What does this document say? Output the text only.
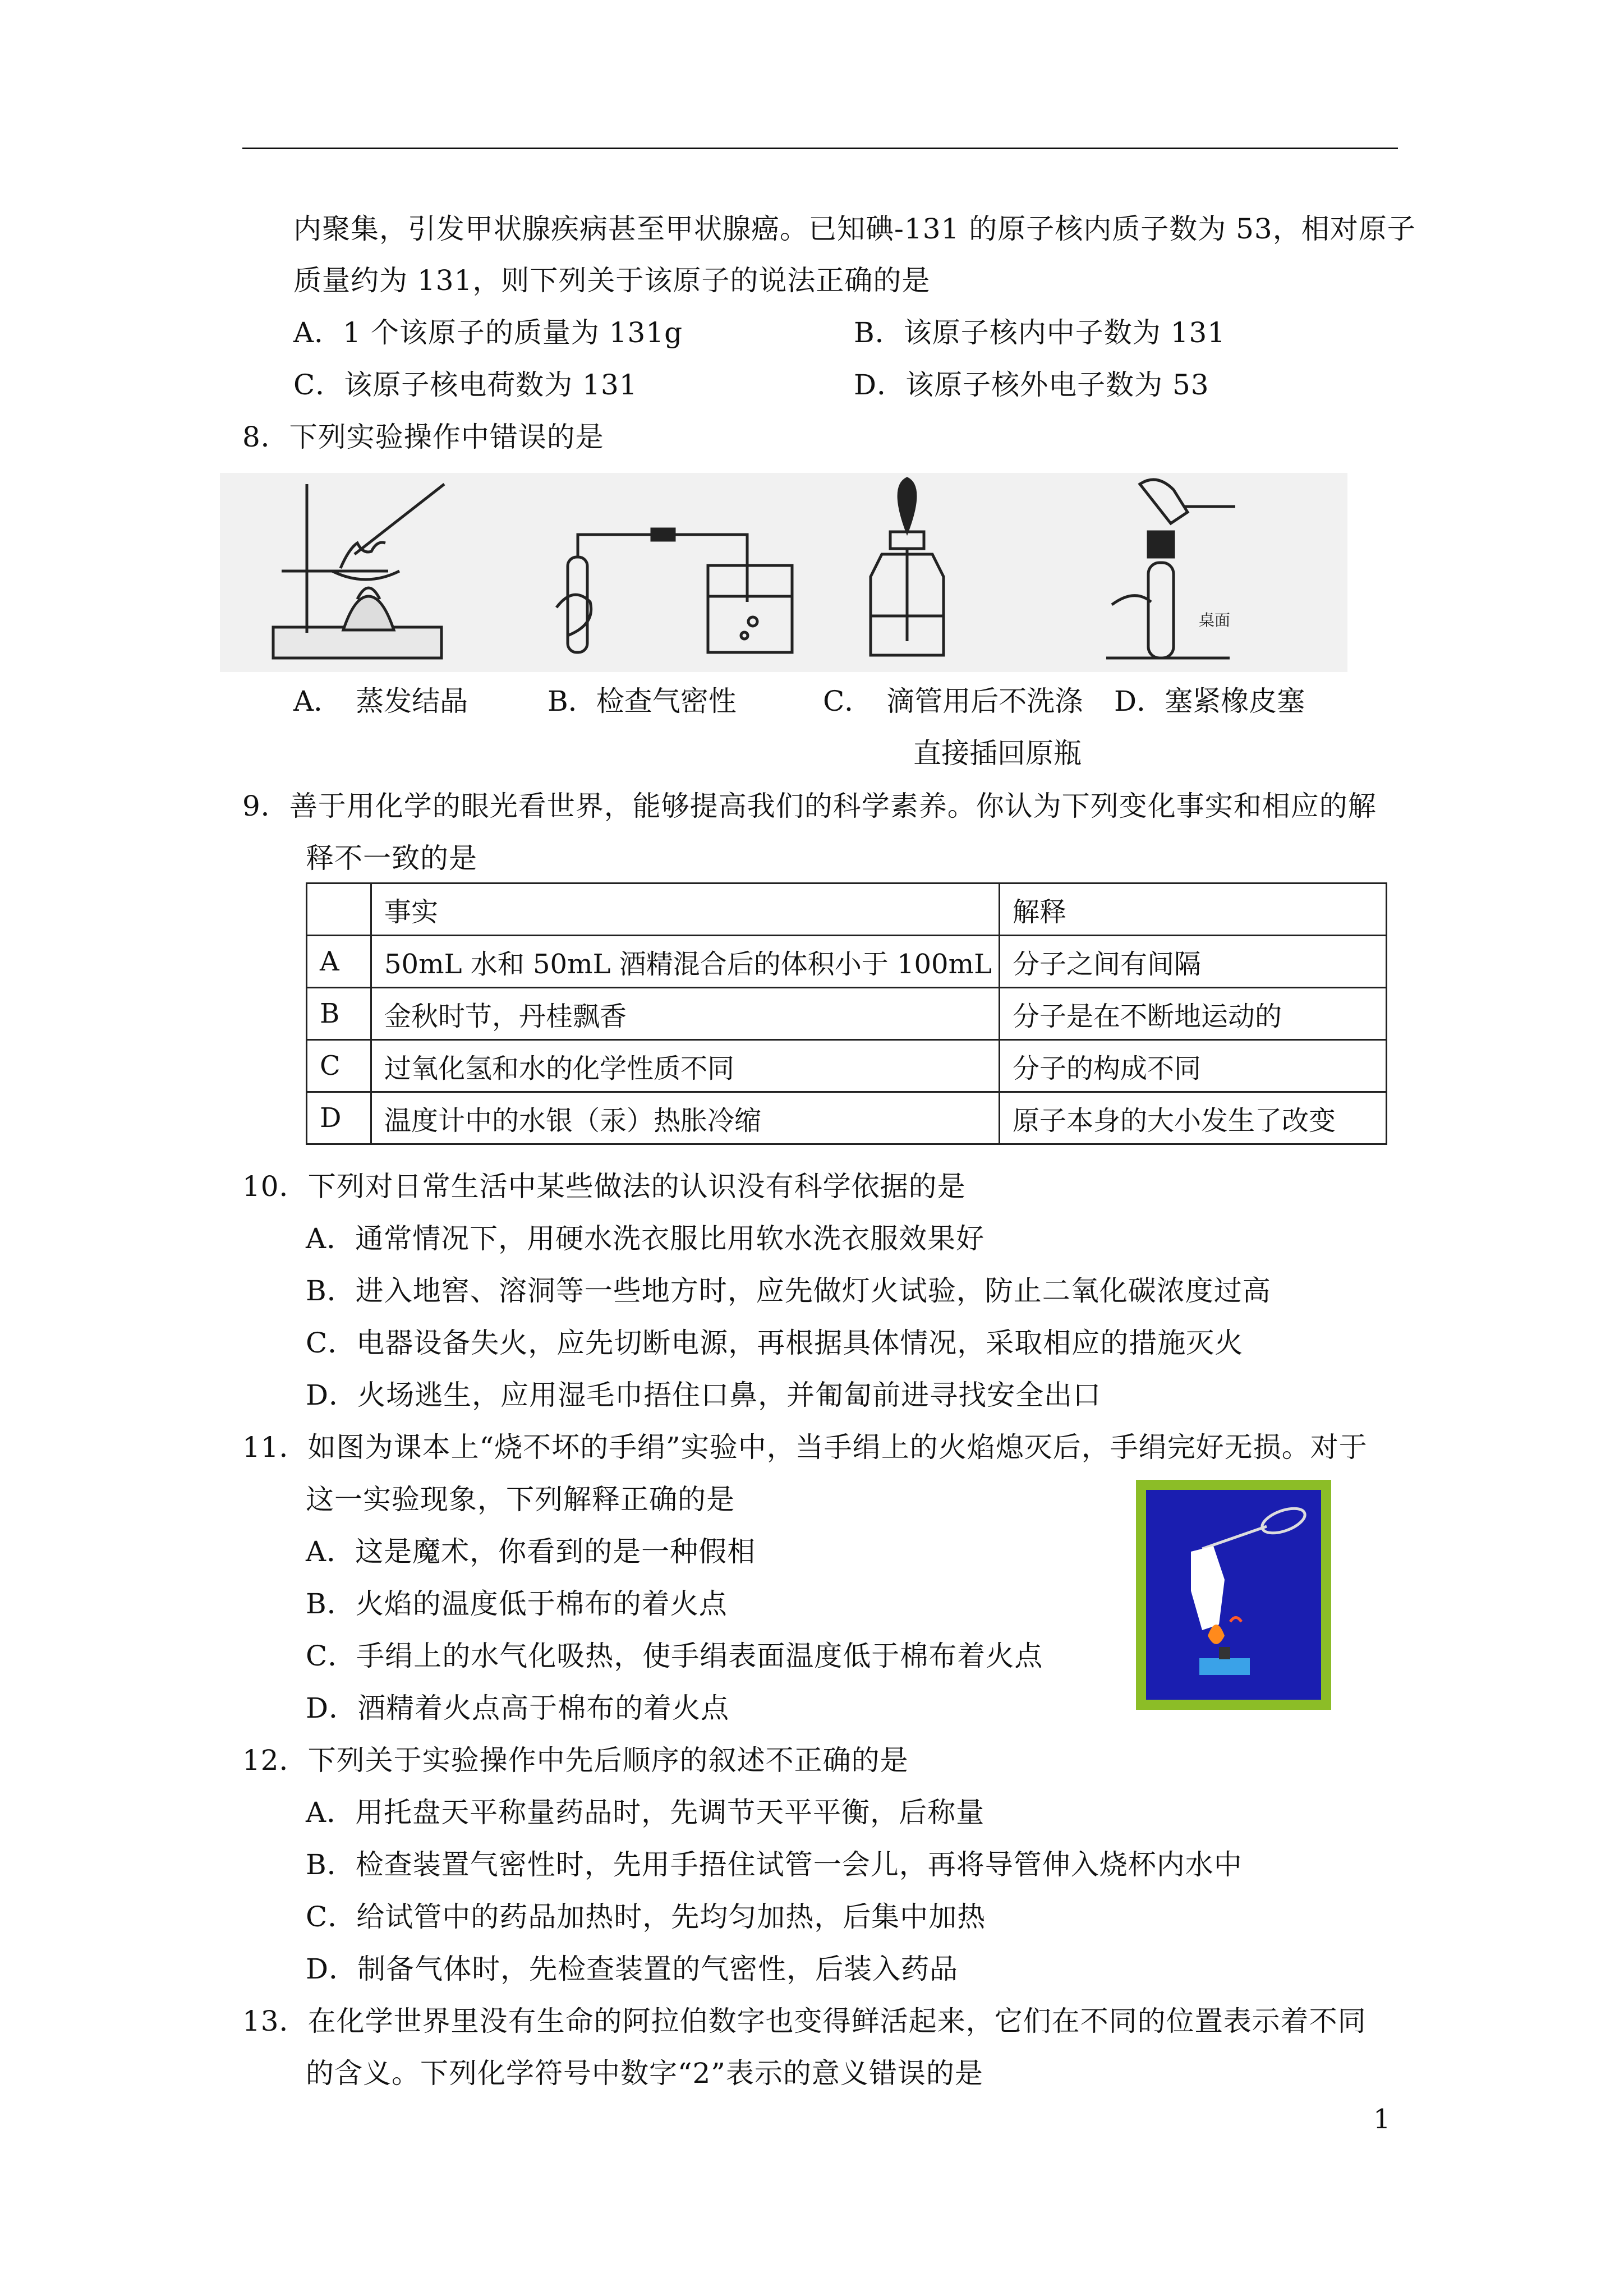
内聚集，引发甲状腺疾病甚至甲状腺癌。已知碘-131 的原子核内质子数为 53，相对原子
质量约为 131，则下列关于该原子的说法正确的是
A．1 个该原子的质量为 131g	B．该原子核内中子数为 131
C．该原子核电荷数为 131	D．该原子核外电子数为 53
8．下列实验操作中错误的是
桌面
A．　蒸发结晶	B．检查气密性	C．　滴管用后不洗涤 D．塞紧橡皮塞
直接插回原瓶
9．善于用化学的眼光看世界，能够提高我们的科学素养。你认为下列变化事实和相应的解
释不一致的是
	事实	解释
A	50mL 水和 50mL 酒精混合后的体积小于 100mL	分子之间有间隔
B	金秋时节，丹桂飘香	分子是在不断地运动的
C	过氧化氢和水的化学性质不同	分子的构成不同
D	温度计中的水银（汞）热胀冷缩	原子本身的大小发生了改变
10．下列对日常生活中某些做法的认识没有科学依据的是
A．通常情况下，用硬水洗衣服比用软水洗衣服效果好
B．进入地窖、溶洞等一些地方时，应先做灯火试验，防止二氧化碳浓度过高
C．电器设备失火，应先切断电源，再根据具体情况，采取相应的措施灭火
D．火场逃生，应用湿毛巾捂住口鼻，并匍匐前进寻找安全出口
11．如图为课本上“烧不坏的手绢”实验中，当手绢上的火焰熄灭后，手绢完好无损。对于
这一实验现象，下列解释正确的是
A．这是魔术，你看到的是一种假相
B．火焰的温度低于棉布的着火点
C．手绢上的水气化吸热，使手绢表面温度低于棉布着火点
D．酒精着火点高于棉布的着火点
12．下列关于实验操作中先后顺序的叙述不正确的是
A．用托盘天平称量药品时，先调节天平平衡，后称量
B．检查装置气密性时，先用手捂住试管一会儿，再将导管伸入烧杯内水中
C．给试管中的药品加热时，先均匀加热，后集中加热
D．制备气体时，先检查装置的气密性，后装入药品
13．在化学世界里没有生命的阿拉伯数字也变得鲜活起来，它们在不同的位置表示着不同
的含义。下列化学符号中数字“2”表示的意义错误的是
1
